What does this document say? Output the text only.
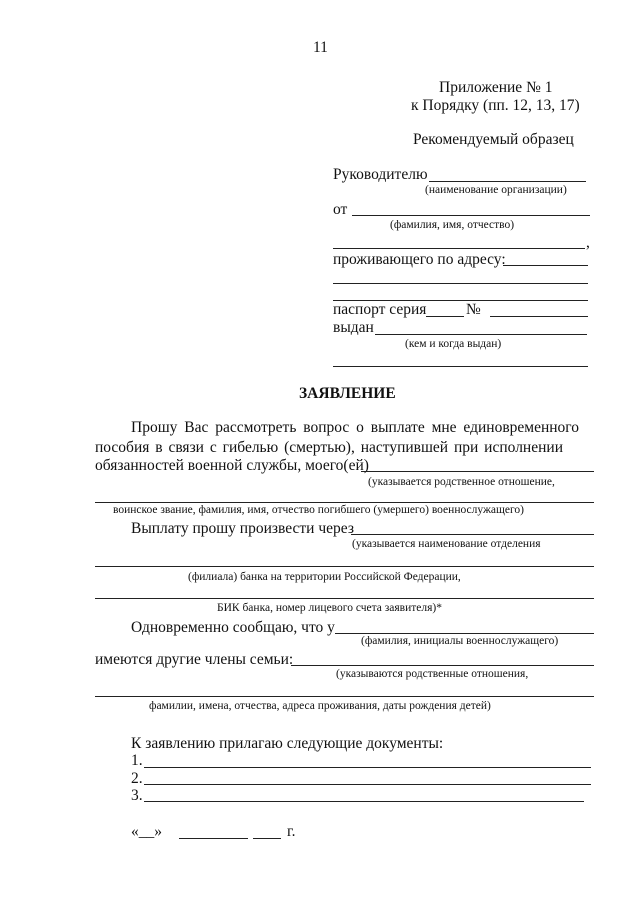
11
Приложение № 1
к Порядку (пп. 12, 13, 17)
Рекомендуемый образец
Руководителю
(наименование организации)
от
(фамилия, имя, отчество)
,
проживающего по адресу:
паспорт серия	№
выдан
(кем и когда выдан)
ЗАЯВЛЕНИЕ
Прошу Вас рассмотреть вопрос о выплате мне единовременного
пособия в связи с гибелью (смертью), наступившей при исполнении
обязанностей военной службы, моего(ей)
(указывается родственное отношение,
воинское звание, фамилия, имя, отчество погибшего (умершего) военнослужащего)
Выплату прошу произвести через
(указывается наименование отделения
(филиала) банка на территории Российской Федерации,
БИК банка, номер лицевого счета заявителя)*
Одновременно сообщаю, что у
(фамилия, инициалы военнослужащего)
имеются другие члены семьи:
(указываются родственные отношения,
фамилии, имена, отчества, адреса проживания, даты рождения детей)
К заявлению прилагаю следующие документы:
1.
2.
3.
«__»	г.
